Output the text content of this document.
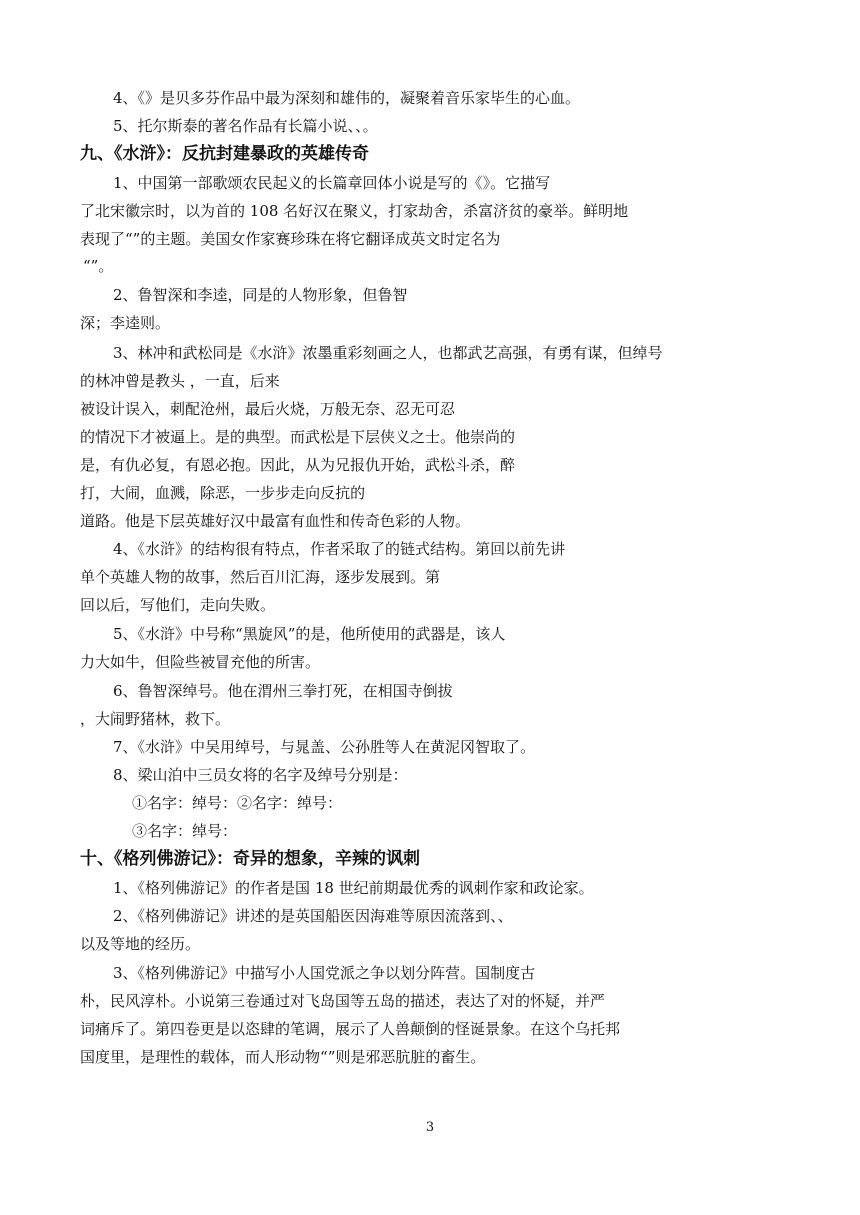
4、《》是贝多芬作品中最为深刻和雄伟的，凝聚着音乐家毕生的心血。
5、托尔斯泰的著名作品有长篇小说、、。
九、《水浒》：反抗封建暴政的英雄传奇
1、中国第一部歌颂农民起义的长篇章回体小说是写的《》。它描写
了北宋徽宗时，以为首的 108 名好汉在聚义，打家劫舍，杀富济贫的豪举。鲜明地
表现了“”的主题。美国女作家赛珍珠在将它翻译成英文时定名为
“”。
2、鲁智深和李逵，同是的人物形象，但鲁智
深；李逵则。
3、林冲和武松同是《水浒》浓墨重彩刻画之人，也都武艺高强，有勇有谋，但绰号
的林冲曾是教头 ，一直，后来
被设计误入，刺配沧州，最后火烧，万般无奈、忍无可忍
的情况下才被逼上。是的典型。而武松是下层侠义之士。他崇尚的
是，有仇必复，有恩必抱。因此，从为兄报仇开始，武松斗杀，醉
打，大闹，血溅，除恶，一步步走向反抗的
道路。他是下层英雄好汉中最富有血性和传奇色彩的人物。
4、《水浒》的结构很有特点，作者采取了的链式结构。第回以前先讲
单个英雄人物的故事，然后百川汇海，逐步发展到。第
回以后，写他们，走向失败。
5、《水浒》中号称“黑旋风”的是，他所使用的武器是，该人
力大如牛，但险些被冒充他的所害。
6、鲁智深绰号。他在渭州三拳打死，在相国寺倒拔
，大闹野猪林，救下。
7、《水浒》中吴用绰号，与晁盖、公孙胜等人在黄泥冈智取了。
8、梁山泊中三员女将的名字及绰号分别是：
①名字：绰号：②名字：绰号：
③名字：绰号：
十、《格列佛游记》：奇异的想象，辛辣的讽刺
1、《格列佛游记》的作者是国 18 世纪前期最优秀的讽刺作家和政论家。
2、《格列佛游记》讲述的是英国船医因海难等原因流落到、、
以及等地的经历。
3、《格列佛游记》中描写小人国党派之争以划分阵营。国制度古
朴，民风淳朴。小说第三卷通过对飞岛国等五岛的描述，表达了对的怀疑，并严
词痛斥了。第四卷更是以恣肆的笔调，展示了人兽颠倒的怪诞景象。在这个乌托邦
国度里，是理性的载体，而人形动物“”则是邪恶肮脏的畜生。
3
